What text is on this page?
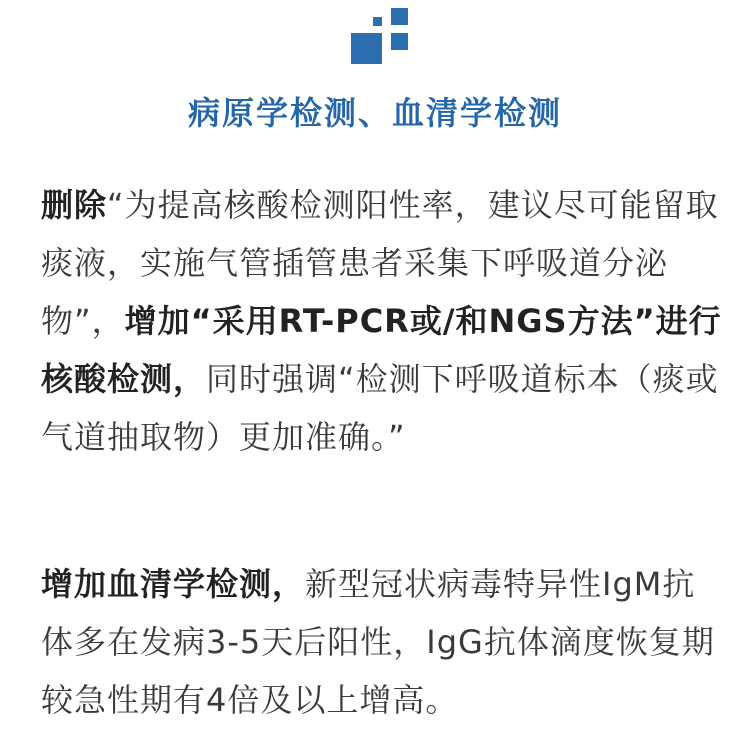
病原学检测、血清学检测
删除“为提高核酸检测阳性率，建议尽可能留取
痰液，实施气管插管患者采集下呼吸道分泌
物”，增加“采用RT-PCR或/和NGS方法”进行
核酸检测，同时强调“检测下呼吸道标本（痰或
气道抽取物）更加准确。”
增加血清学检测，新型冠状病毒特异性IgM抗
体多在发病3-5天后阳性，IgG抗体滴度恢复期
较急性期有4倍及以上增高。
